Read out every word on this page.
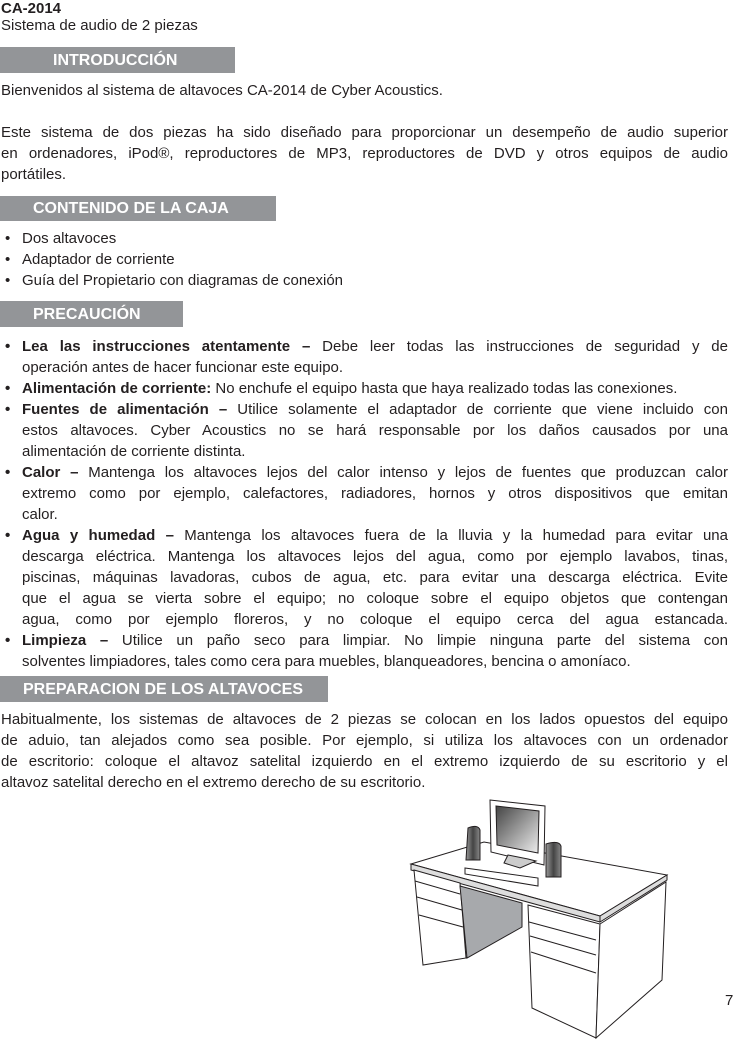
CA-2014
Sistema de audio de 2 piezas
INTRODUCCIÓN
Bienvenidos al sistema de altavoces CA-2014 de Cyber Acoustics.
Este sistema de dos piezas ha sido diseñado para proporcionar un desempeño de audio superior
en ordenadores, iPod®, reproductores de MP3, reproductores de DVD y otros equipos de audio
portátiles.
CONTENIDO DE LA CAJA
• Dos altavoces
• Adaptador de corriente
• Guía del Propietario con diagramas de conexión
PRECAUCIÓN
• Lea las instrucciones atentamente – Debe leer todas las instrucciones de seguridad y de
operación antes de hacer funcionar este equipo.
• Alimentación de corriente: No enchufe el equipo hasta que haya realizado todas las conexiones.
• Fuentes de alimentación – Utilice solamente el adaptador de corriente que viene incluido con
estos altavoces. Cyber Acoustics no se hará responsable por los daños causados por una
alimentación de corriente distinta.
• Calor – Mantenga los altavoces lejos del calor intenso y lejos de fuentes que produzcan calor
extremo como por ejemplo, calefactores, radiadores, hornos y otros dispositivos que emitan
calor.
• Agua y humedad – Mantenga los altavoces fuera de la lluvia y la humedad para evitar una
descarga eléctrica. Mantenga los altavoces lejos del agua, como por ejemplo lavabos, tinas,
piscinas, máquinas lavadoras, cubos de agua, etc. para evitar una descarga eléctrica. Evite
que el agua se vierta sobre el equipo; no coloque sobre el equipo objetos que contengan
agua, como por ejemplo floreros, y no coloque el equipo cerca del agua estancada.
• Limpieza – Utilice un paño seco para limpiar. No limpie ninguna parte del sistema con
solventes limpiadores, tales como cera para muebles, blanqueadores, bencina o amoníaco.
PREPARACION DE LOS ALTAVOCES
Habitualmente, los sistemas de altavoces de 2 piezas se colocan en los lados opuestos del equipo
de aduio, tan alejados como sea posible. Por ejemplo, si utiliza los altavoces con un ordenador
de escritorio: coloque el altavoz satelital izquierdo en el extremo izquierdo de su escritorio y el
altavoz satelital derecho en el extremo derecho de su escritorio.
7
